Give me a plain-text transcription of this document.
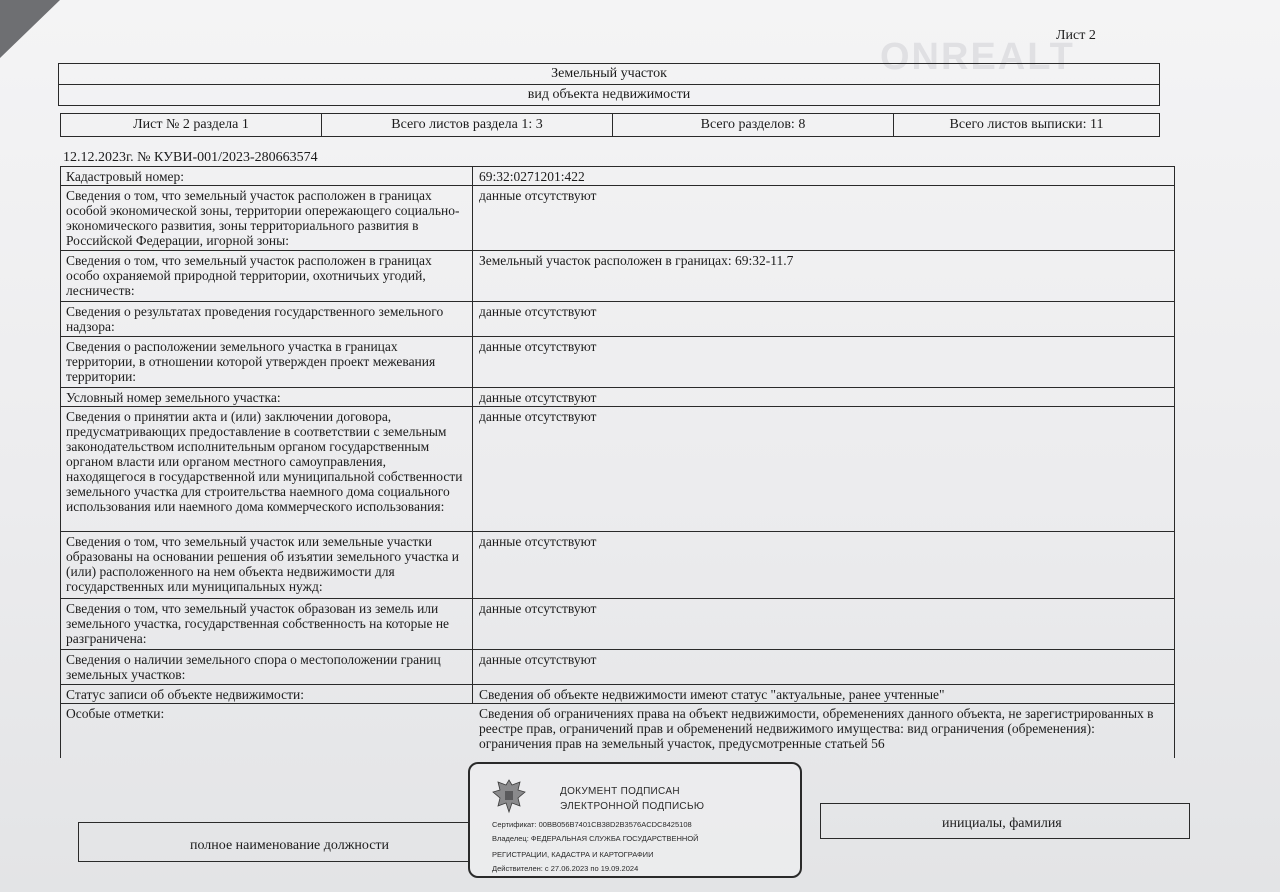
ONREALT
Лист 2
Земельный участок
вид объекта недвижимости
Лист № 2 раздела 1	Всего листов раздела 1: 3	Всего разделов: 8	Всего листов выписки: 11
12.12.2023г. № КУВИ-001/2023-280663574
Кадастровый номер:	69:32:0271201:422
Сведения о том, что земельный участок расположен в границах особой экономической зоны, территории опережающего социально-экономического развития, зоны территориального развития в Российской Федерации, игорной зоны:
данные отсутствуют
Сведения о том, что земельный участок расположен в границах особо охраняемой природной территории, охотничьих угодий, лесничеств:
Земельный участок расположен в границах: 69:32-11.7
Сведения о результатах проведения государственного земельного надзора:
данные отсутствуют
Сведения о расположении земельного участка в границах территории, в отношении которой утвержден проект межевания территории:
данные отсутствуют
Условный номер земельного участка:	данные отсутствуют
Сведения о принятии акта и (или) заключении договора, предусматривающих предоставление в соответствии с земельным законодательством исполнительным органом государственным органом власти или органом местного самоуправления, находящегося в государственной или муниципальной собственности земельного участка для строительства наемного дома социального использования или наемного дома коммерческого использования:
данные отсутствуют
Сведения о том, что земельный участок или земельные участки образованы на основании решения об изъятии земельного участка и (или) расположенного на нем объекта недвижимости для государственных или муниципальных нужд:
данные отсутствуют
Сведения о том, что земельный участок образован из земель или земельного участка, государственная собственность на которые не разграничена:
данные отсутствуют
Сведения о наличии земельного спора о местоположении границ земельных участков:
данные отсутствуют
Статус записи об объекте недвижимости:	Сведения об объекте недвижимости имеют статус "актуальные, ранее учтенные"
Особые отметки:	Сведения об ограничениях права на объект недвижимости, обременениях данного объекта, не зарегистрированных в реестре прав, ограничений прав и обременений недвижимого имущества: вид ограничения (обременения): ограничения прав на земельный участок, предусмотренные статьей 56
полное наименование должности
инициалы, фамилия
ДОКУМЕНТ ПОДПИСАН
ЭЛЕКТРОННОЙ ПОДПИСЬЮ
Сертификат: 00BB056B7401CB38D2B3576ACDC8425108
Владелец: ФЕДЕРАЛЬНАЯ СЛУЖБА ГОСУДАРСТВЕННОЙ
РЕГИСТРАЦИИ, КАДАСТРА И КАРТОГРАФИИ
Действителен: с 27.06.2023 по 19.09.2024
